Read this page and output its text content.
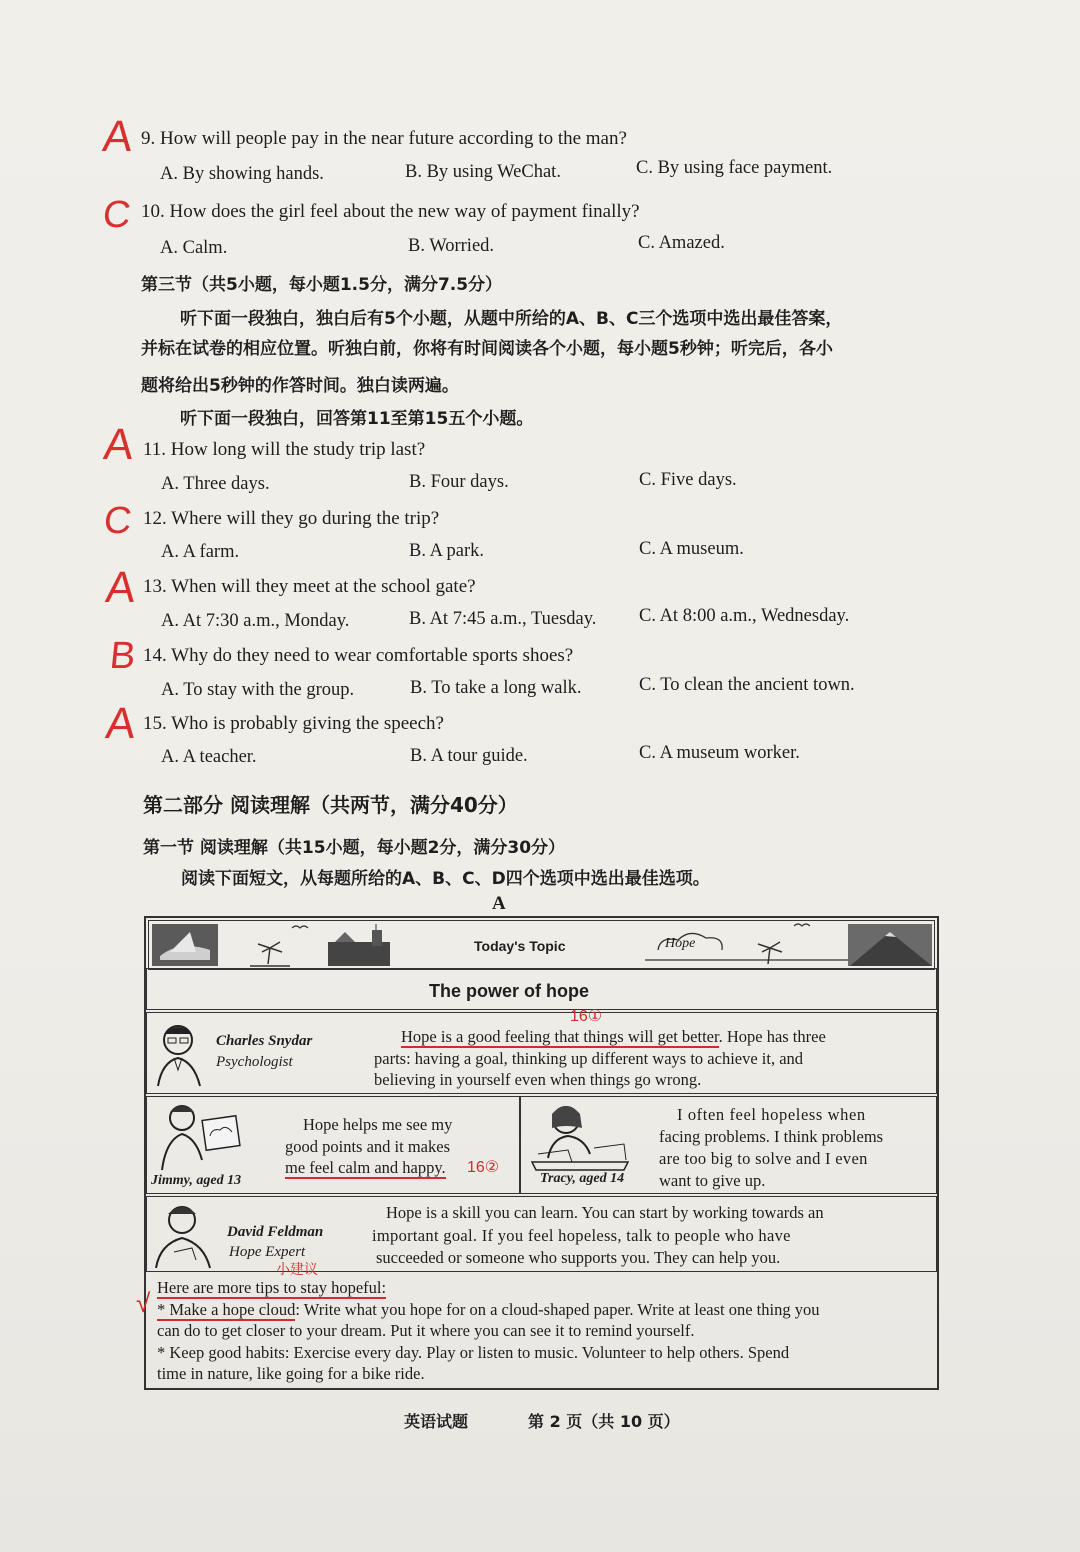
A 9. How will people pay in the near future according to the man?
A. By showing hands.	B. By using WeChat.	C. By using face payment.
C 10. How does the girl feel about the new way of payment finally?
A. Calm.	B. Worried.	C. Amazed.
第三节（共5小题，每小题1.5分，满分7.5分）
听下面一段独白，独白后有5个小题，从题中所给的A、B、C三个选项中选出最佳答案，
并标在试卷的相应位置。听独白前，你将有时间阅读各个小题，每小题5秒钟；听完后，各小
题将给出5秒钟的作答时间。独白读两遍。
听下面一段独白，回答第11至第15五个小题。
A 11. How long will the study trip last?
A. Three days.	B. Four days.	C. Five days.
C 12. Where will they go during the trip?
A. A farm.	B. A park.	C. A museum.
A 13. When will they meet at the school gate?
A. At 7:30 a.m., Monday.	B. At 7:45 a.m., Tuesday. C. At 8:00 a.m., Wednesday.
B 14. Why do they need to wear comfortable sports shoes?
A. To stay with the group.	B. To take a long walk.	C. To clean the ancient town.
A 15. Who is probably giving the speech?
A. A teacher.	B. A tour guide.	C. A museum worker.
第二部分 阅读理解（共两节，满分40分）
第一节 阅读理解（共15小题，每小题2分，满分30分）
阅读下面短文，从每题所给的A、B、C、D四个选项中选出最佳选项。
A
Today's Topic	Hope
The power of hope
Charles Snydar
Psychologist
Hope is a good feeling that things will get better. Hope has three
parts: having a goal, thinking up different ways to achieve it, and
believing in yourself even when things go wrong.
16①
Jimmy, aged 13
Hope helps me see my
good points and it makes
me feel calm and happy. 16②
Tracy, aged 14
I often feel hopeless when
facing problems. I think problems
are too big to solve and I even
want to give up.
David Feldman
Hope Expert
Hope is a skill you can learn. You can start by working towards an
important goal. If you feel hopeless, talk to people who have
succeeded or someone who supports you. They can help you.
小建议
Here are more tips to stay hopeful:
√ * Make a hope cloud: Write what you hope for on a cloud-shaped paper. Write at least one thing you
can do to get closer to your dream. Put it where you can see it to remind yourself.
* Keep good habits: Exercise every day. Play or listen to music. Volunteer to help others. Spend
time in nature, like going for a bike ride.
英语试题	第 2 页（共 10 页）
